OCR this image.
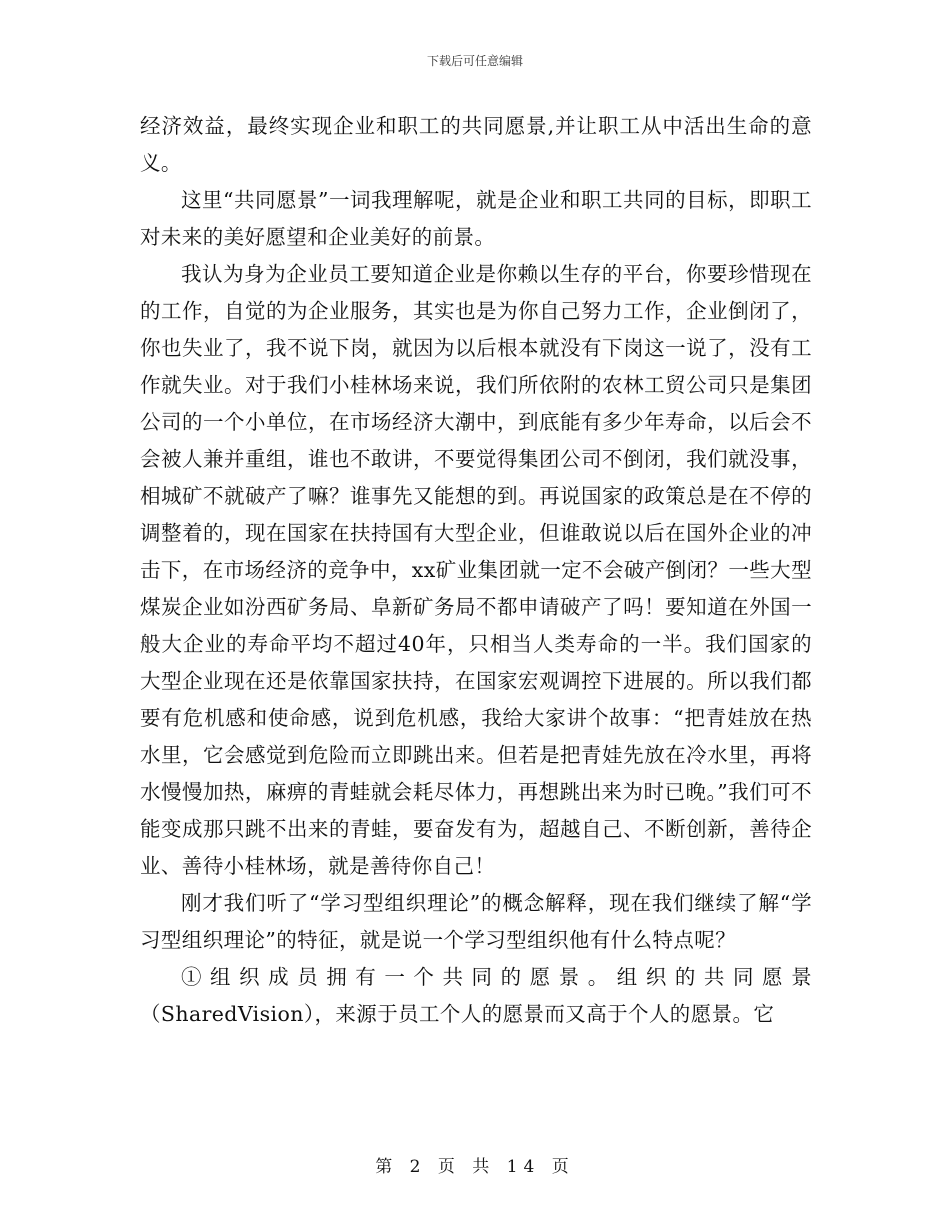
下载后可任意编辑

经济效益，最终实现企业和职工的共同愿景,并让职工从中活出生命的意义。

这里“共同愿景”一词我理解呢，就是企业和职工共同的目标，即职工对未来的美好愿望和企业美好的前景。

我认为身为企业员工要知道企业是你赖以生存的平台，你要珍惜现在的工作，自觉的为企业服务，其实也是为你自己努力工作，企业倒闭了，你也失业了，我不说下岗，就因为以后根本就没有下岗这一说了，没有工作就失业。对于我们小桂林场来说，我们所依附的农林工贸公司只是集团公司的一个小单位，在市场经济大潮中，到底能有多少年寿命，以后会不会被人兼并重组，谁也不敢讲，不要觉得集团公司不倒闭，我们就没事，相城矿不就破产了嘛？谁事先又能想的到。再说国家的政策总是在不停的调整着的，现在国家在扶持国有大型企业，但谁敢说以后在国外企业的冲击下，在市场经济的竞争中，xx矿业集团就一定不会破产倒闭？一些大型煤炭企业如汾西矿务局、阜新矿务局不都申请破产了吗！要知道在外国一般大企业的寿命平均不超过40年，只相当人类寿命的一半。我们国家的大型企业现在还是依靠国家扶持，在国家宏观调控下进展的。所以我们都要有危机感和使命感，说到危机感，我给大家讲个故事：“把青娃放在热水里，它会感觉到危险而立即跳出来。但若是把青娃先放在冷水里，再将水慢慢加热，麻痹的青蛙就会耗尽体力，再想跳出来为时已晚。”我们可不能变成那只跳不出来的青蛙，要奋发有为，超越自己、不断创新，善待企业、善待小桂林场，就是善待你自己！

刚才我们听了“学习型组织理论”的概念解释，现在我们继续了解“学习型组织理论”的特征，就是说一个学习型组织他有什么特点呢？

①组织成员拥有一个共同的愿景。组织的共同愿景（SharedVision），来源于员工个人的愿景而又高于个人的愿景。它

第 2 页 共 14 页
